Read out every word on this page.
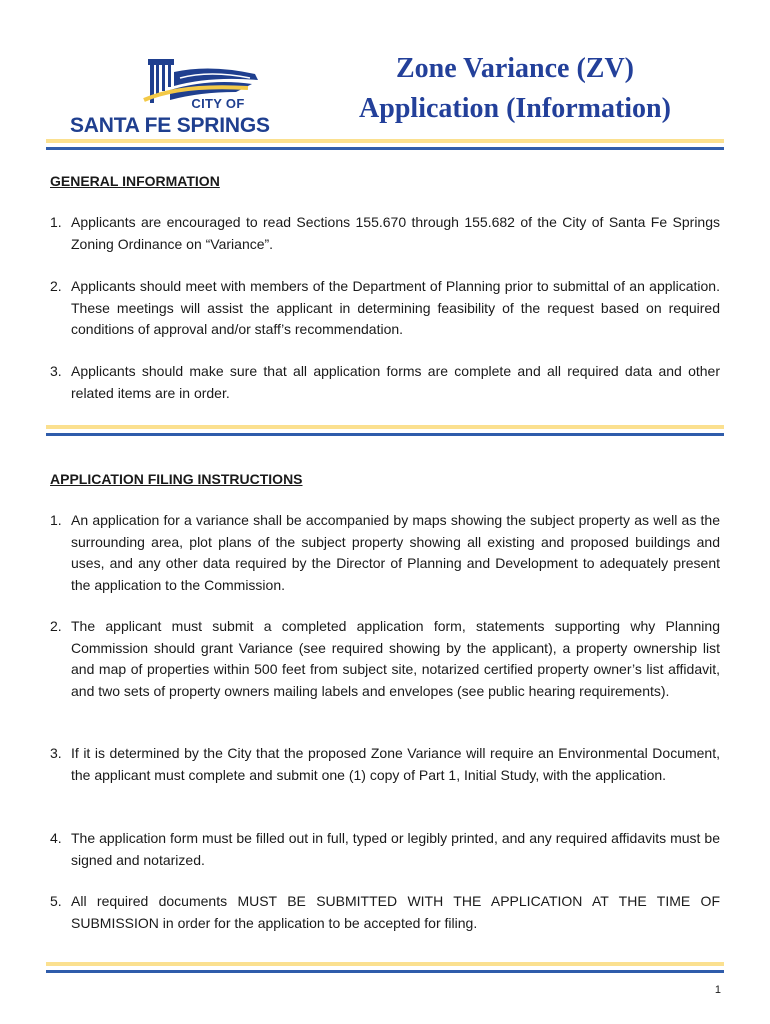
CITY OF
SANTA FE SPRINGS
Zone Variance (ZV)
Application (Information)
GENERAL INFORMATION
1. Applicants are encouraged to read Sections 155.670 through 155.682 of the City of Santa Fe Springs Zoning Ordinance on “Variance”.
2. Applicants should meet with members of the Department of Planning prior to submittal of an application. These meetings will assist the applicant in determining feasibility of the request based on required conditions of approval and/or staff’s recommendation.
3. Applicants should make sure that all application forms are complete and all required data and other related items are in order.
APPLICATION FILING INSTRUCTIONS
1. An application for a variance shall be accompanied by maps showing the subject property as well as the surrounding area, plot plans of the subject property showing all existing and proposed buildings and uses, and any other data required by the Director of Planning and Development to adequately present the application to the Commission.
2. The applicant must submit a completed application form, statements supporting why Planning Commission should grant Variance (see required showing by the applicant), a property ownership list and map of properties within 500 feet from subject site, notarized certified property owner’s list affidavit, and two sets of property owners mailing labels and envelopes (see public hearing requirements).
3. If it is determined by the City that the proposed Zone Variance will require an Environmental Document, the applicant must complete and submit one (1) copy of Part 1, Initial Study, with the application.
4. The application form must be filled out in full, typed or legibly printed, and any required affidavits must be signed and notarized.
5. All required documents MUST BE SUBMITTED WITH THE APPLICATION AT THE TIME OF SUBMISSION in order for the application to be accepted for filing.
1
